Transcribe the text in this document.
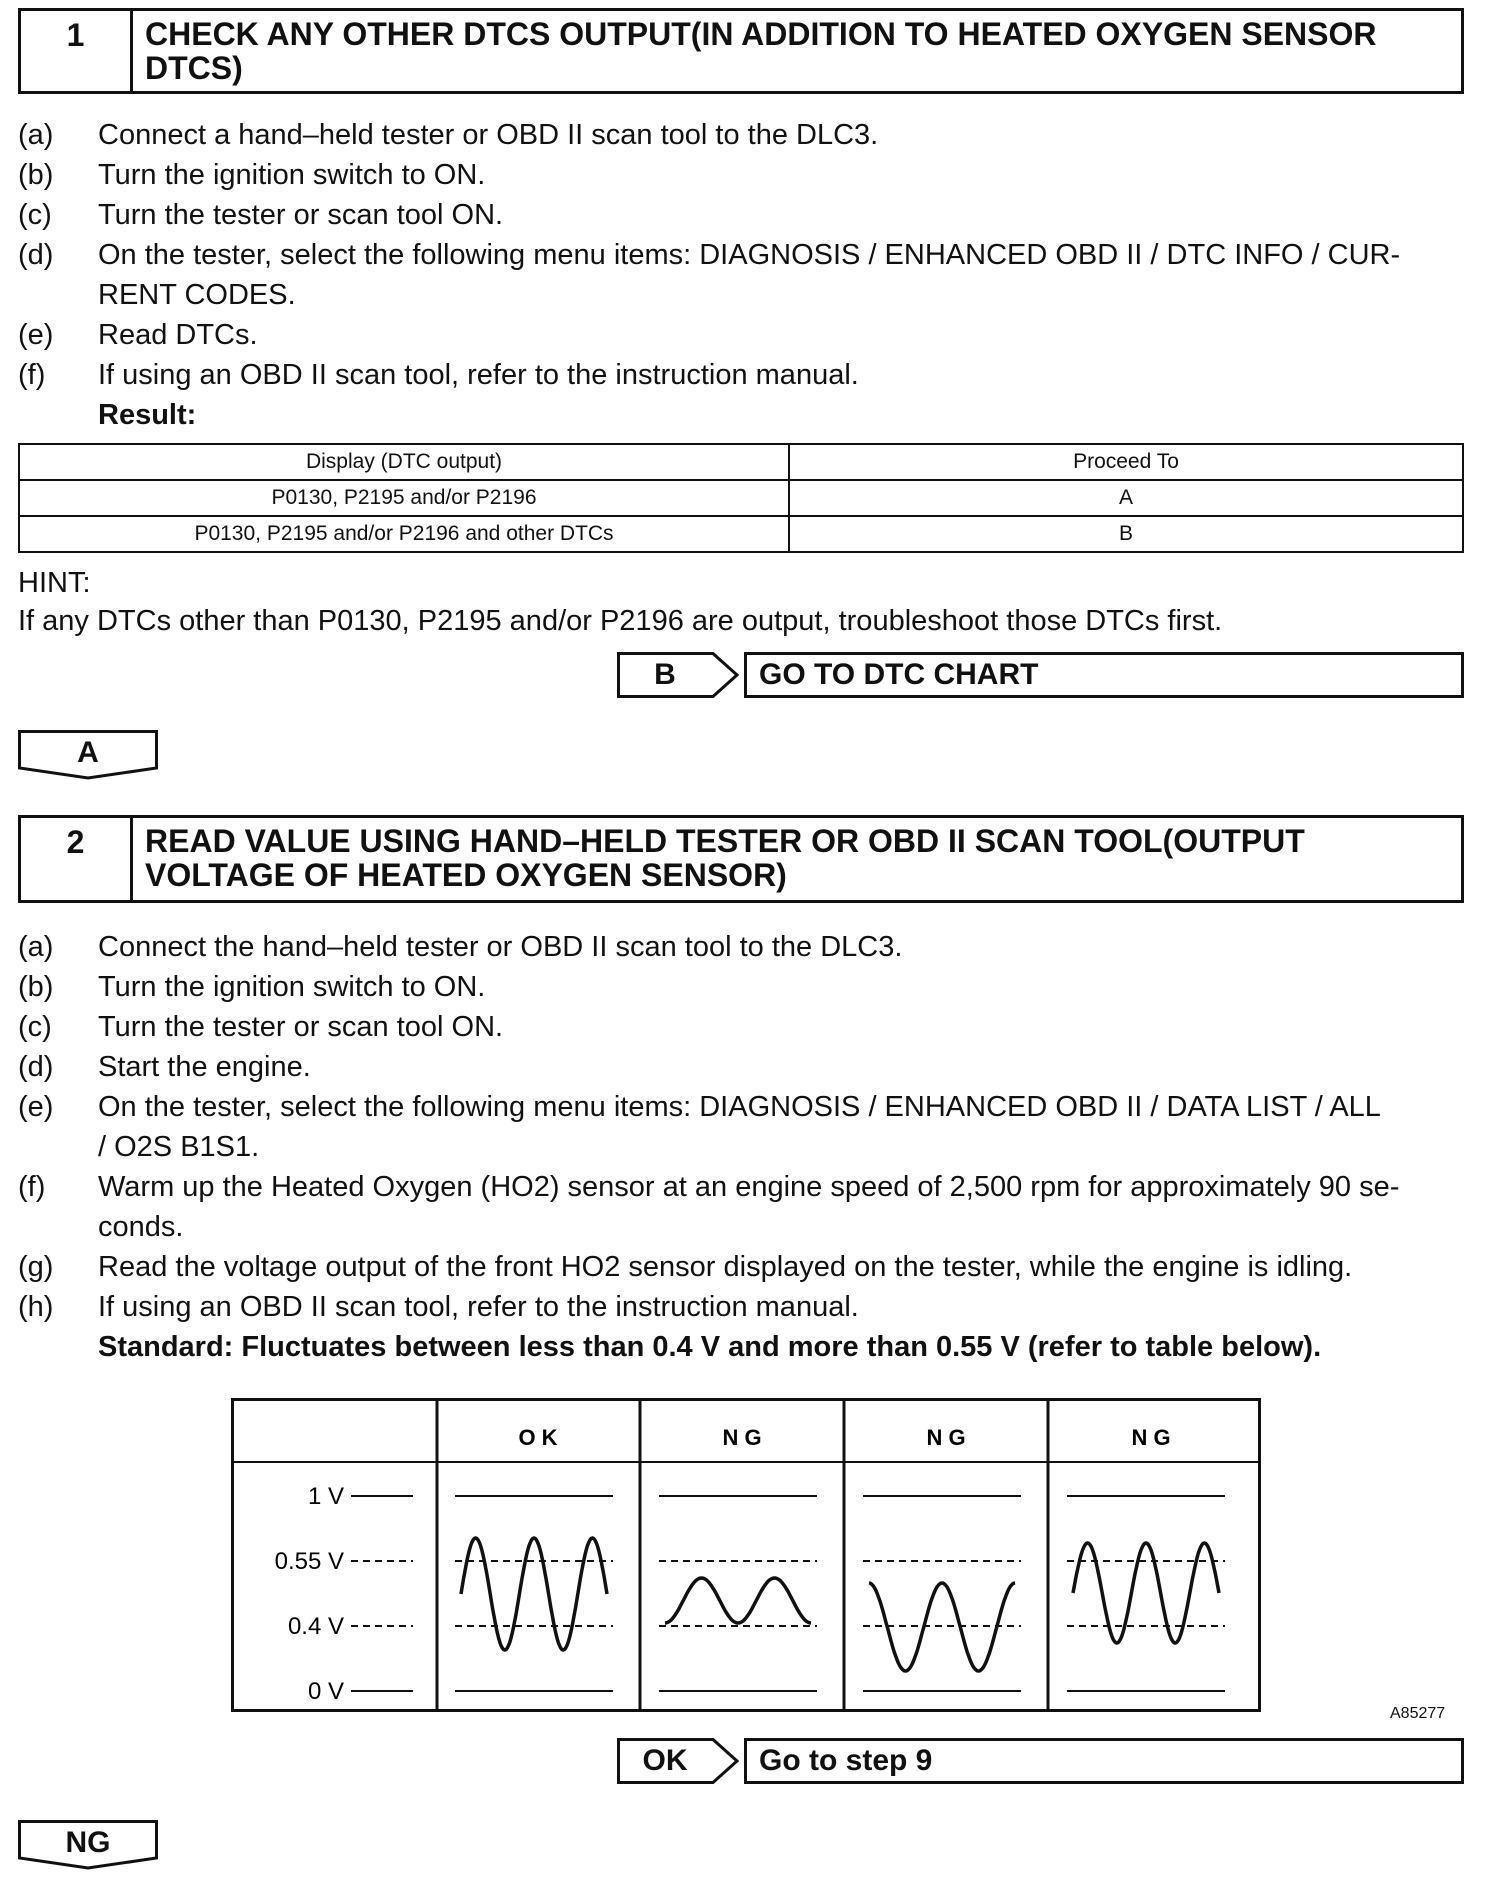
1	CHECK ANY OTHER DTCS OUTPUT(IN ADDITION TO HEATED OXYGEN SENSOR DTCS)
(a)	Connect a hand–held tester or OBD II scan tool to the DLC3.
(b)	Turn the ignition switch to ON.
(c)	Turn the tester or scan tool ON.
(d)	On the tester, select the following menu items: DIAGNOSIS / ENHANCED OBD II / DTC INFO / CUR-
RENT CODES.
(e)	Read DTCs.
(f)	If using an OBD II scan tool, refer to the instruction manual.
Result:
Display (DTC output)	Proceed To
P0130, P2195 and/or P2196	A
P0130, P2195 and/or P2196 and other DTCs	B
HINT:
If any DTCs other than P0130, P2195 and/or P2196 are output, troubleshoot those DTCs first.
B	GO TO DTC CHART
A
2	READ VALUE USING HAND–HELD TESTER OR OBD II SCAN TOOL(OUTPUT VOLTAGE OF HEATED OXYGEN SENSOR)
(a)	Connect the hand–held tester or OBD II scan tool to the DLC3.
(b)	Turn the ignition switch to ON.
(c)	Turn the tester or scan tool ON.
(d)	Start the engine.
(e)	On the tester, select the following menu items: DIAGNOSIS / ENHANCED OBD II / DATA LIST / ALL
/ O2S B1S1.
(f)	Warm up the Heated Oxygen (HO2) sensor at an engine speed of 2,500 rpm for approximately 90 se-
conds.
(g)	Read the voltage output of the front HO2 sensor displayed on the tester, while the engine is idling.
(h)	If using an OBD II scan tool, refer to the instruction manual.
Standard: Fluctuates between less than 0.4 V and more than 0.55 V (refer to table below).
O K	N G	N G	N G
1 V
0.55 V
0.4 V
0 V
A85277
OK	Go to step 9
NG
